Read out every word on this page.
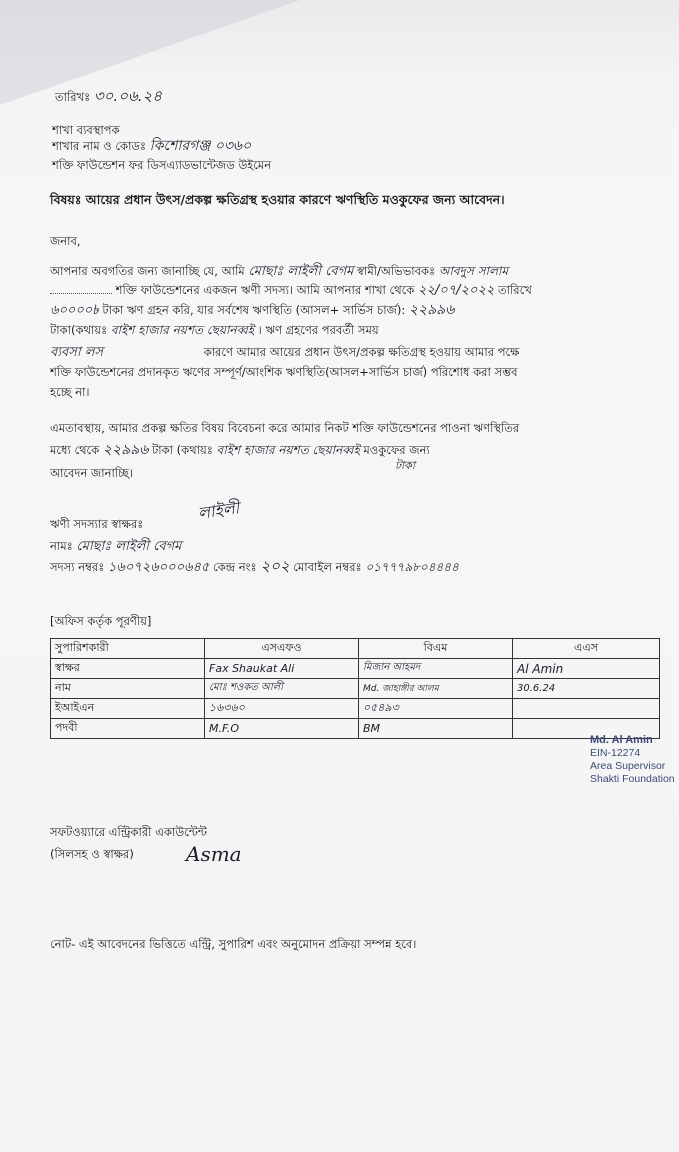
তারিখঃ ৩০.০৬.২৪
শাখা ব্যবস্থাপক
শাখার নাম ও কোডঃ কিশোরগঞ্জ ০৩৬০
শক্তি ফাউন্ডেশন ফর ডিসএ্যাডভান্টেজড উইমেন
বিষয়ঃ আয়ের প্রধান উৎস/প্রকল্প ক্ষতিগ্রস্থ হওয়ার কারণে ঋণস্থিতি মওকুফের জন্য আবেদন।
জনাব,
আপনার অবগতির জন্য জানাচ্ছি যে, আমি মোছাঃ লাইলী বেগম স্বামী/অভিভাবকঃ আবদুস সালাম
শক্তি ফাউন্ডেশনের একজন ঋণী সদস্য। আমি আপনার শাখা থেকে ২২/০৭/২০২২ তারিখে
৬০০০০৳ টাকা ঋণ গ্রহন করি, যার সর্বশেষ ঋণস্থিতি (আসল+ সার্ভিস চার্জ): ২২৯৯৬
টাকা(কথায়ঃ বাইশ হাজার নয়শত ছেয়ানব্বই । ঋণ গ্রহণের পরবর্তী সময়
ব্যবসা লস	কারণে আমার আয়ের প্রধান উৎস/প্রকল্প ক্ষতিগ্রস্থ হওয়ায় আমার পক্ষে
শক্তি ফাউন্ডেশনের প্রদানকৃত ঋণের সম্পূর্ণ/আংশিক ঋণস্থিতি(আসল+সার্ভিস চার্জ) পরিশোধ করা সম্ভব
হচ্ছে না।
এমতাবস্থায়, আমার প্রকল্প ক্ষতির বিষয় বিবেচনা করে আমার নিকট শক্তি ফাউন্ডেশনের পাওনা ঋণস্থিতির
মধ্যে থেকে ২২৯৯৬ টাকা (কথায়ঃ বাইশ হাজার নয়শত ছেয়ানব্বই মওকুফের জন্য
টাকা
আবেদন জানাচ্ছি।
ঋণী সদস্যার স্বাক্ষরঃ
লাইলী
নামঃ মোছাঃ লাইলী বেগম
সদস্য নম্বরঃ ১৬০৭২৬০০০৬৪৫ কেন্দ্র নংঃ ২০২ মোবাইল নম্বরঃ ০১৭৭৭৯৮০৪৪৪৪
[অফিস কর্তৃক পূরণীয়]
সুপারিশকারী	এসএফও	বিএম	এএস
স্বাক্ষর	Fax Shaukat Ali	মিজান আহমদ	Al Amin
নাম	মোঃ শওকত আলী	Md. জাহাঙ্গীর আলম	30.6.24
ইআইএন	১৬৩৬০	০৫৪৯৩	
পদবী	M.F.O	BM	
Md. Al Amin
EIN-12274
Area Supervisor
Shakti Foundation
সফটওয়্যারে এন্ট্রিকারী একাউন্টেন্ট
(সিলসহ ও স্বাক্ষর)	Asma
নোট- এই আবেদনের ভিত্তিতে এন্ট্রি, সুপারিশ এবং অনুমোদন প্রক্রিয়া সম্পন্ন হবে।
